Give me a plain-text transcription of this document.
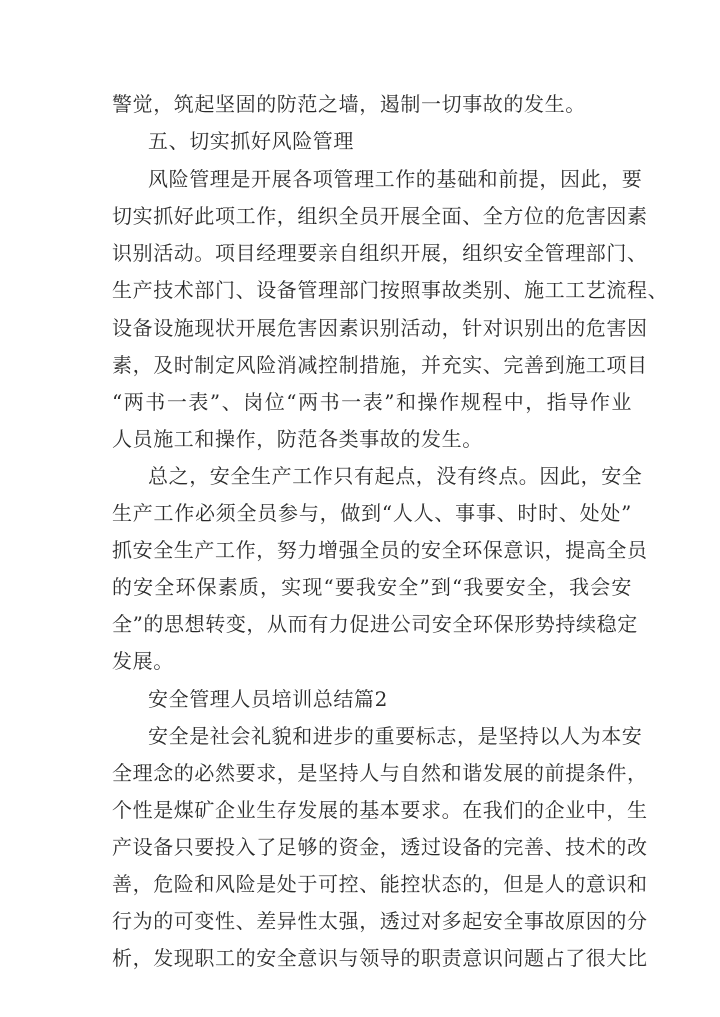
警觉，筑起坚固的防范之墙，遏制一切事故的发生。
五、切实抓好风险管理
风险管理是开展各项管理工作的基础和前提，因此，要
切实抓好此项工作，组织全员开展全面、全方位的危害因素
识别活动。项目经理要亲自组织开展，组织安全管理部门、
生产技术部门、设备管理部门按照事故类别、施工工艺流程、
设备设施现状开展危害因素识别活动，针对识别出的危害因
素，及时制定风险消减控制措施，并充实、完善到施工项目
“两书一表”、岗位“两书一表”和操作规程中，指导作业
人员施工和操作，防范各类事故的发生。
总之，安全生产工作只有起点，没有终点。因此，安全
生产工作必须全员参与，做到“人人、事事、时时、处处”
抓安全生产工作，努力增强全员的安全环保意识，提高全员
的安全环保素质，实现“要我安全”到“我要安全，我会安
全”的思想转变，从而有力促进公司安全环保形势持续稳定
发展。
安全管理人员培训总结篇2
安全是社会礼貌和进步的重要标志，是坚持以人为本安
全理念的必然要求，是坚持人与自然和谐发展的前提条件，
个性是煤矿企业生存发展的基本要求。在我们的企业中，生
产设备只要投入了足够的资金，透过设备的完善、技术的改
善，危险和风险是处于可控、能控状态的，但是人的意识和
行为的可变性、差异性太强，透过对多起安全事故原因的分
析，发现职工的安全意识与领导的职责意识问题占了很大比
